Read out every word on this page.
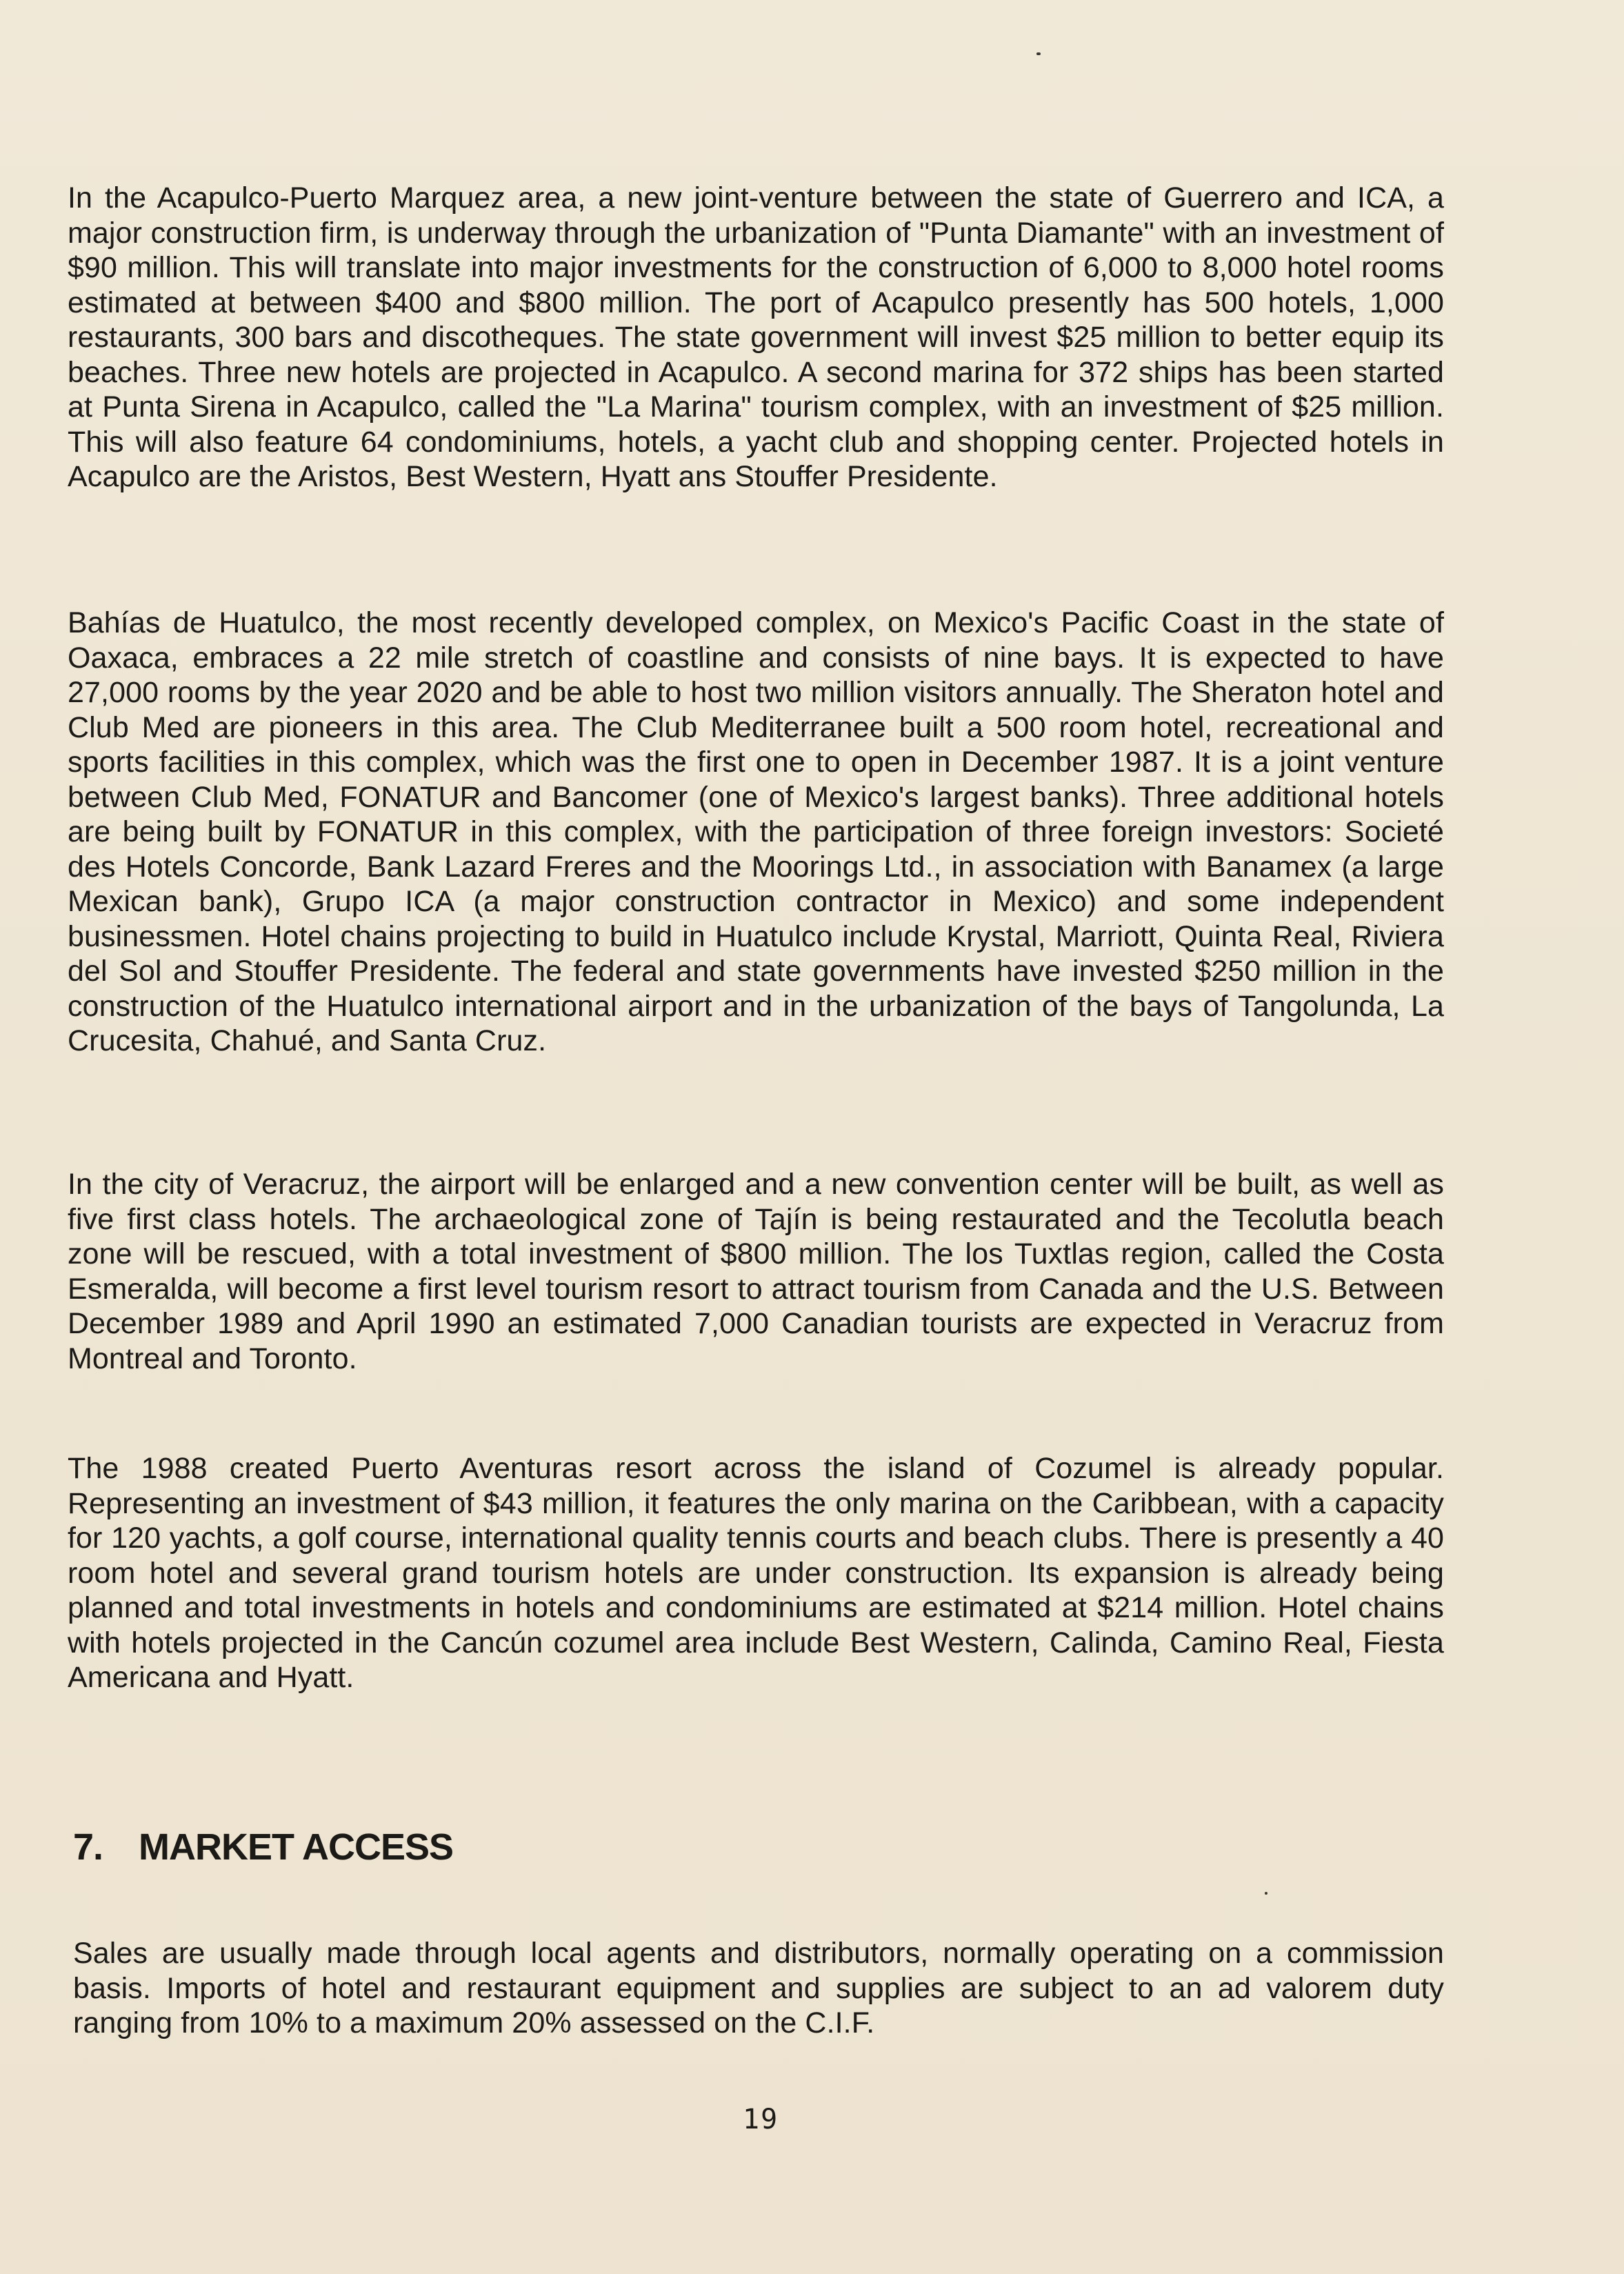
In the Acapulco-Puerto Marquez area, a new joint-venture between the state of Guerrero and ICA, a major construction firm, is underway through the urbanization of "Punta Diamante" with an investment of $90 million. This will translate into major investments for the construction of 6,000 to 8,000 hotel rooms estimated at between $400 and $800 million. The port of Acapulco presently has 500 hotels, 1,000 restaurants, 300 bars and discotheques. The state government will invest $25 million to better equip its beaches. Three new hotels are projected in Acapulco. A second marina for 372 ships has been started at Punta Sirena in Acapulco, called the "La Marina" tourism complex, with an investment of $25 million. This will also feature 64 condominiums, hotels, a yacht club and shopping center. Projected hotels in Acapulco are the Aristos, Best Western, Hyatt ans Stouffer Presidente.

Bahías de Huatulco, the most recently developed complex, on Mexico's Pacific Coast in the state of Oaxaca, embraces a 22 mile stretch of coastline and consists of nine bays. It is expected to have 27,000 rooms by the year 2020 and be able to host two million visitors annually. The Sheraton hotel and Club Med are pioneers in this area. The Club Mediterranee built a 500 room hotel, recreational and sports facilities in this complex, which was the first one to open in December 1987. It is a joint venture between Club Med, FONATUR and Bancomer (one of Mexico's largest banks). Three additional hotels are being built by FONATUR in this complex, with the participation of three foreign investors: Societé des Hotels Concorde, Bank Lazard Freres and the Moorings Ltd., in association with Banamex (a large Mexican bank), Grupo ICA (a major construction contractor in Mexico) and some independent businessmen. Hotel chains projecting to build in Huatulco include Krystal, Marriott, Quinta Real, Riviera del Sol and Stouffer Presidente. The federal and state governments have invested $250 million in the construction of the Huatulco international airport and in the urbanization of the bays of Tangolunda, La Crucesita, Chahué, and Santa Cruz.

In the city of Veracruz, the airport will be enlarged and a new convention center will be built, as well as five first class hotels. The archaeological zone of Tajín is being restaurated and the Tecolutla beach zone will be rescued, with a total investment of $800 million. The los Tuxtlas region, called the Costa Esmeralda, will become a first level tourism resort to attract tourism from Canada and the U.S. Between December 1989 and April 1990 an estimated 7,000 Canadian tourists are expected in Veracruz from Montreal and Toronto.

The 1988 created Puerto Aventuras resort across the island of Cozumel is already popular. Representing an investment of $43 million, it features the only marina on the Caribbean, with a capacity for 120 yachts, a golf course, international quality tennis courts and beach clubs. There is presently a 40 room hotel and several grand tourism hotels are under construction. Its expansion is already being planned and total investments in hotels and condominiums are estimated at $214 million. Hotel chains with hotels projected in the Cancún cozumel area include Best Western, Calinda, Camino Real, Fiesta Americana and Hyatt.

7. MARKET ACCESS

Sales are usually made through local agents and distributors, normally operating on a commission basis. Imports of hotel and restaurant equipment and supplies are subject to an ad valorem duty ranging from 10% to a maximum 20% assessed on the C.I.F.

19
